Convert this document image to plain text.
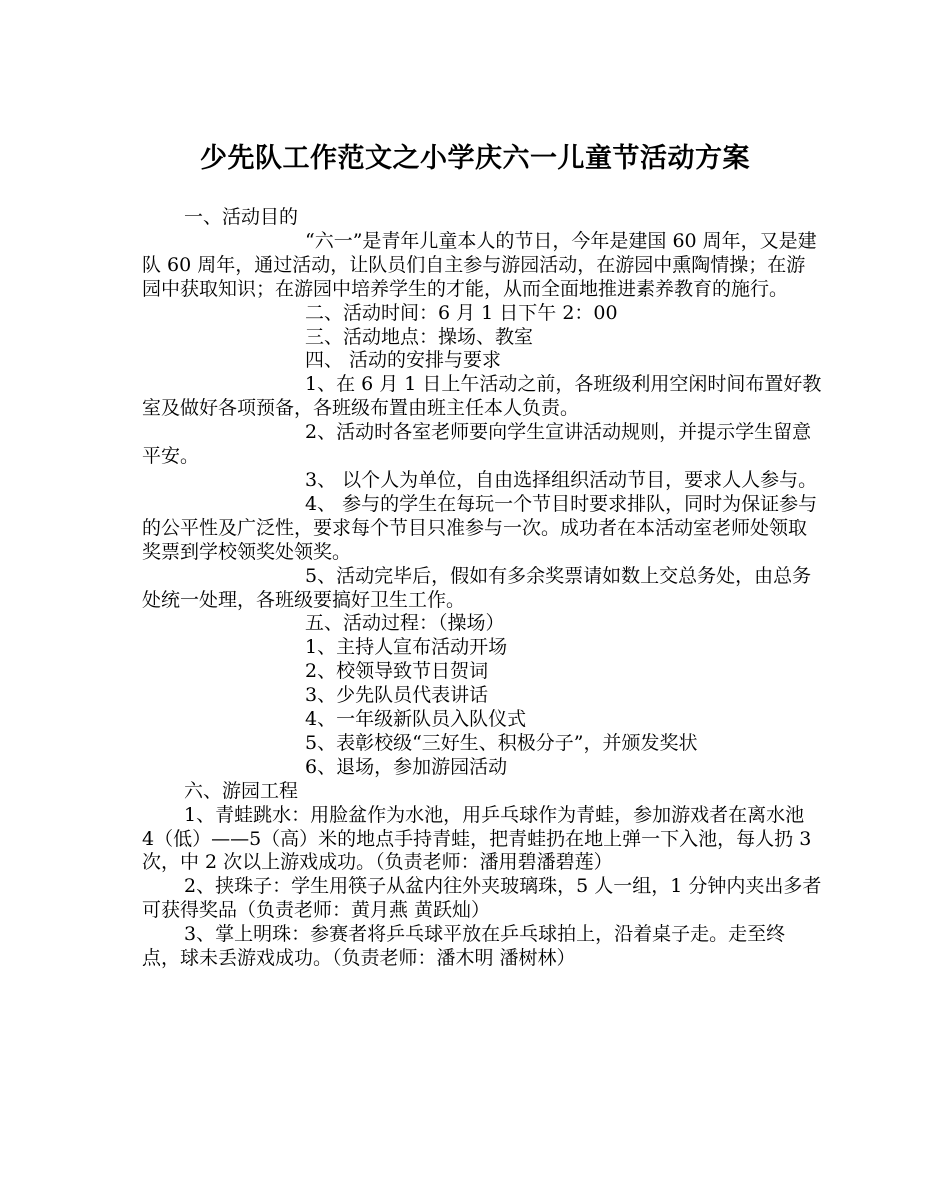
少先队工作范文之小学庆六一儿童节活动方案

一、活动目的

“六一”是青年儿童本人的节日，今年是建国 60 周年，又是建队 60 周年，通过活动，让队员们自主参与游园活动，在游园中熏陶情操；在游园中获取知识；在游园中培养学生的才能，从而全面地推进素养教育的施行。

二、活动时间：6 月 1 日下午 2：00

三、活动地点：操场、教室

四、 活动的安排与要求

1、在 6 月 1 日上午活动之前，各班级利用空闲时间布置好教室及做好各项预备，各班级布置由班主任本人负责。

2、活动时各室老师要向学生宣讲活动规则，并提示学生留意平安。

3、 以个人为单位，自由选择组织活动节目，要求人人参与。

4、 参与的学生在每玩一个节目时要求排队，同时为保证参与的公平性及广泛性，要求每个节目只准参与一次。成功者在本活动室老师处领取奖票到学校领奖处领奖。

5、活动完毕后，假如有多余奖票请如数上交总务处，由总务处统一处理，各班级要搞好卫生工作。

五、活动过程：（操场）

1、主持人宣布活动开场

2、校领导致节日贺词

3、少先队员代表讲话

4、一年级新队员入队仪式

5、表彰校级“三好生、积极分子”，并颁发奖状

6、退场，参加游园活动

六、游园工程

1、青蛙跳水：用脸盆作为水池，用乒乓球作为青蛙，参加游戏者在离水池 4（低）——5（高）米的地点手持青蛙，把青蛙扔在地上弹一下入池，每人扔 3 次，中 2 次以上游戏成功。（负责老师：潘用碧潘碧莲）

2、挟珠子：学生用筷子从盆内往外夹玻璃珠，5 人一组，1 分钟内夹出多者可获得奖品（负责老师：黄月燕 黄跃灿）

3、掌上明珠：参赛者将乒乓球平放在乒乓球拍上，沿着桌子走。走至终点，球未丢游戏成功。（负责老师：潘木明 潘树林）
